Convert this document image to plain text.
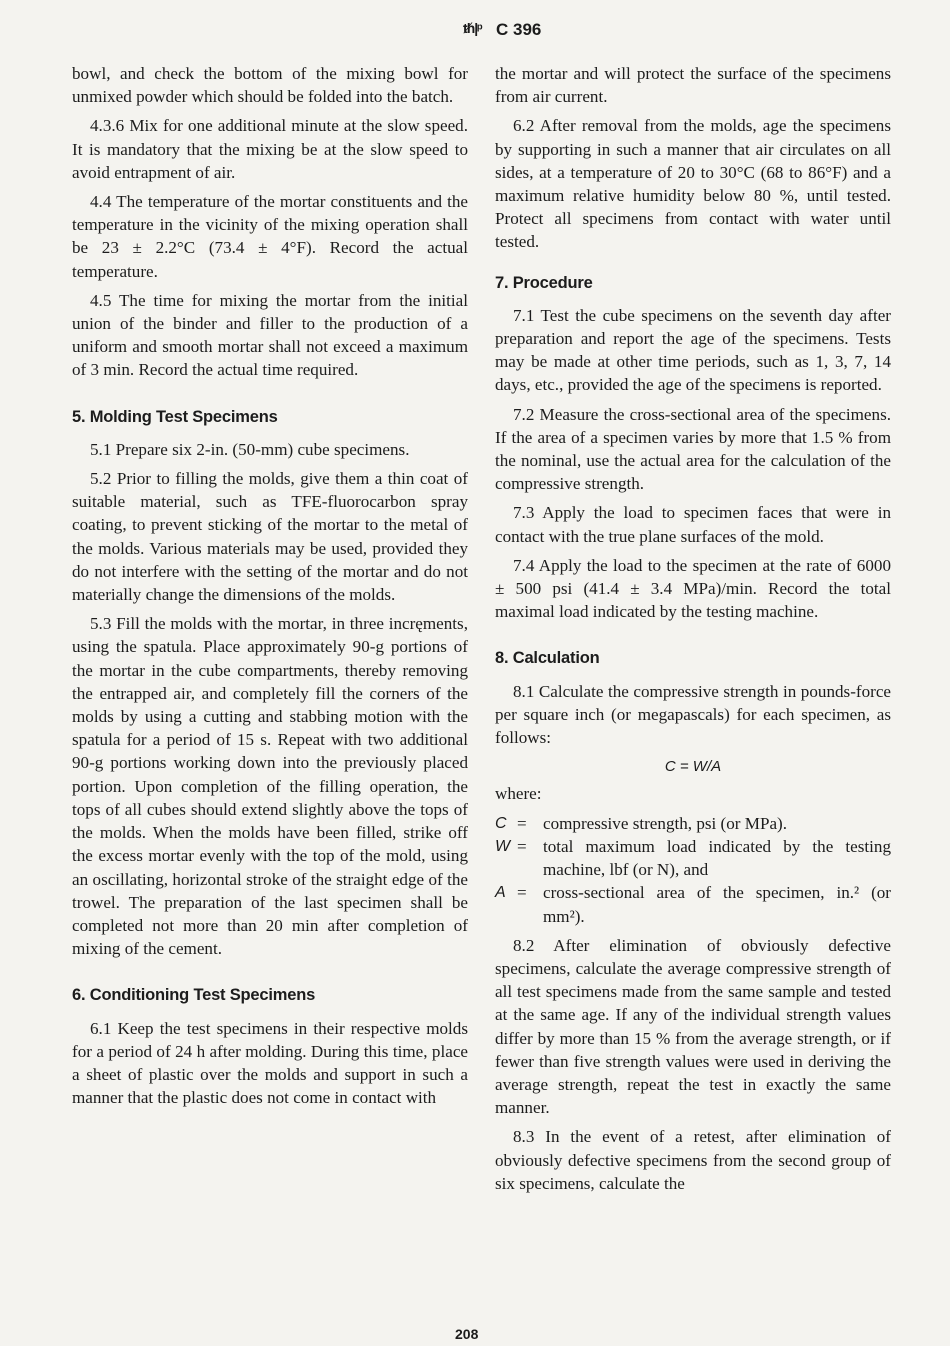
ᵺ|ᵖ C 396

bowl, and check the bottom of the mixing bowl for unmixed powder which should be folded into the batch.

4.3.6 Mix for one additional minute at the slow speed. It is mandatory that the mixing be at the slow speed to avoid entrapment of air.

4.4 The temperature of the mortar constituents and the temperature in the vicinity of the mixing operation shall be 23 ± 2.2°C (73.4 ± 4°F). Record the actual temperature.

4.5 The time for mixing the mortar from the initial union of the binder and filler to the production of a uniform and smooth mortar shall not exceed a maximum of 3 min. Record the actual time required.

5. Molding Test Specimens

5.1 Prepare six 2-in. (50-mm) cube specimens.

5.2 Prior to filling the molds, give them a thin coat of suitable material, such as TFE-fluorocarbon spray coating, to prevent sticking of the mortar to the metal of the molds. Various materials may be used, provided they do not interfere with the setting of the mortar and do not materially change the dimensions of the molds.

5.3 Fill the molds with the mortar, in three incręments, using the spatula. Place approximately 90-g portions of the mortar in the cube compartments, thereby removing the entrapped air, and completely fill the corners of the molds by using a cutting and stabbing motion with the spatula for a period of 15 s. Repeat with two additional 90-g portions working down into the previously placed portion. Upon completion of the filling operation, the tops of all cubes should extend slightly above the tops of the molds. When the molds have been filled, strike off the excess mortar evenly with the top of the mold, using an oscillating, horizontal stroke of the straight edge of the trowel. The preparation of the last specimen shall be completed not more than 20 min after completion of mixing of the cement.

6. Conditioning Test Specimens

6.1 Keep the test specimens in their respective molds for a period of 24 h after molding. During this time, place a sheet of plastic over the molds and support in such a manner that the plastic does not come in contact with

the mortar and will protect the surface of the specimens from air current.

6.2 After removal from the molds, age the specimens by supporting in such a manner that air circulates on all sides, at a temperature of 20 to 30°C (68 to 86°F) and a maximum relative humidity below 80 %, until tested. Protect all specimens from contact with water until tested.

7. Procedure

7.1 Test the cube specimens on the seventh day after preparation and report the age of the specimens. Tests may be made at other time periods, such as 1, 3, 7, 14 days, etc., provided the age of the specimens is reported.

7.2 Measure the cross-sectional area of the specimens. If the area of a specimen varies by more that 1.5 % from the nominal, use the actual area for the calculation of the compressive strength.

7.3 Apply the load to specimen faces that were in contact with the true plane surfaces of the mold.

7.4 Apply the load to the specimen at the rate of 6000 ± 500 psi (41.4 ± 3.4 MPa)/min. Record the total maximal load indicated by the testing machine.

8. Calculation

8.1 Calculate the compressive strength in pounds-force per square inch (or megapascals) for each specimen, as follows:

C = W/A

where:

C = compressive strength, psi (or MPa).
W = total maximum load indicated by the testing machine, lbf (or N), and
A = cross-sectional area of the specimen, in.² (or mm²).

8.2 After elimination of obviously defective specimens, calculate the average compressive strength of all test specimens made from the same sample and tested at the same age. If any of the individual strength values differ by more than 15 % from the average strength, or if fewer than five strength values were used in deriving the average strength, repeat the test in exactly the same manner.

8.3 In the event of a retest, after elimination of obviously defective specimens from the second group of six specimens, calculate the

208
